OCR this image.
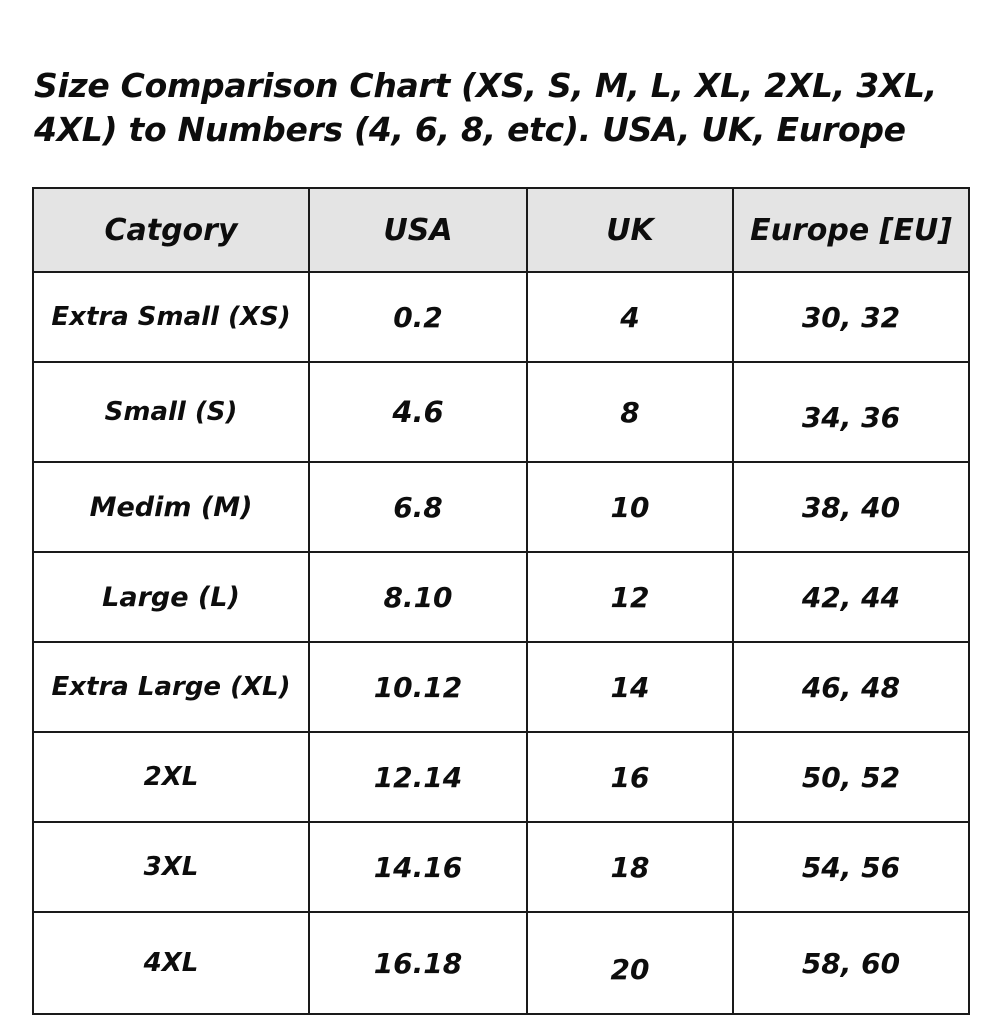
Size Comparison Chart (XS, S, M, L, XL, 2XL, 3XL, 4XL) to Numbers (4, 6, 8, etc). USA, UK, Europe
Catgory	USA	UK	Europe [EU]
Extra Small (XS)	0.2	4	30, 32
Small (S)	4.6	8	34, 36
Medim (M)	6.8	10	38, 40
Large (L)	8.10	12	42, 44
Extra Large (XL)	10.12	14	46, 48
2XL	12.14	16	50, 52
3XL	14.16	18	54, 56
4XL	16.18	20	58, 60
